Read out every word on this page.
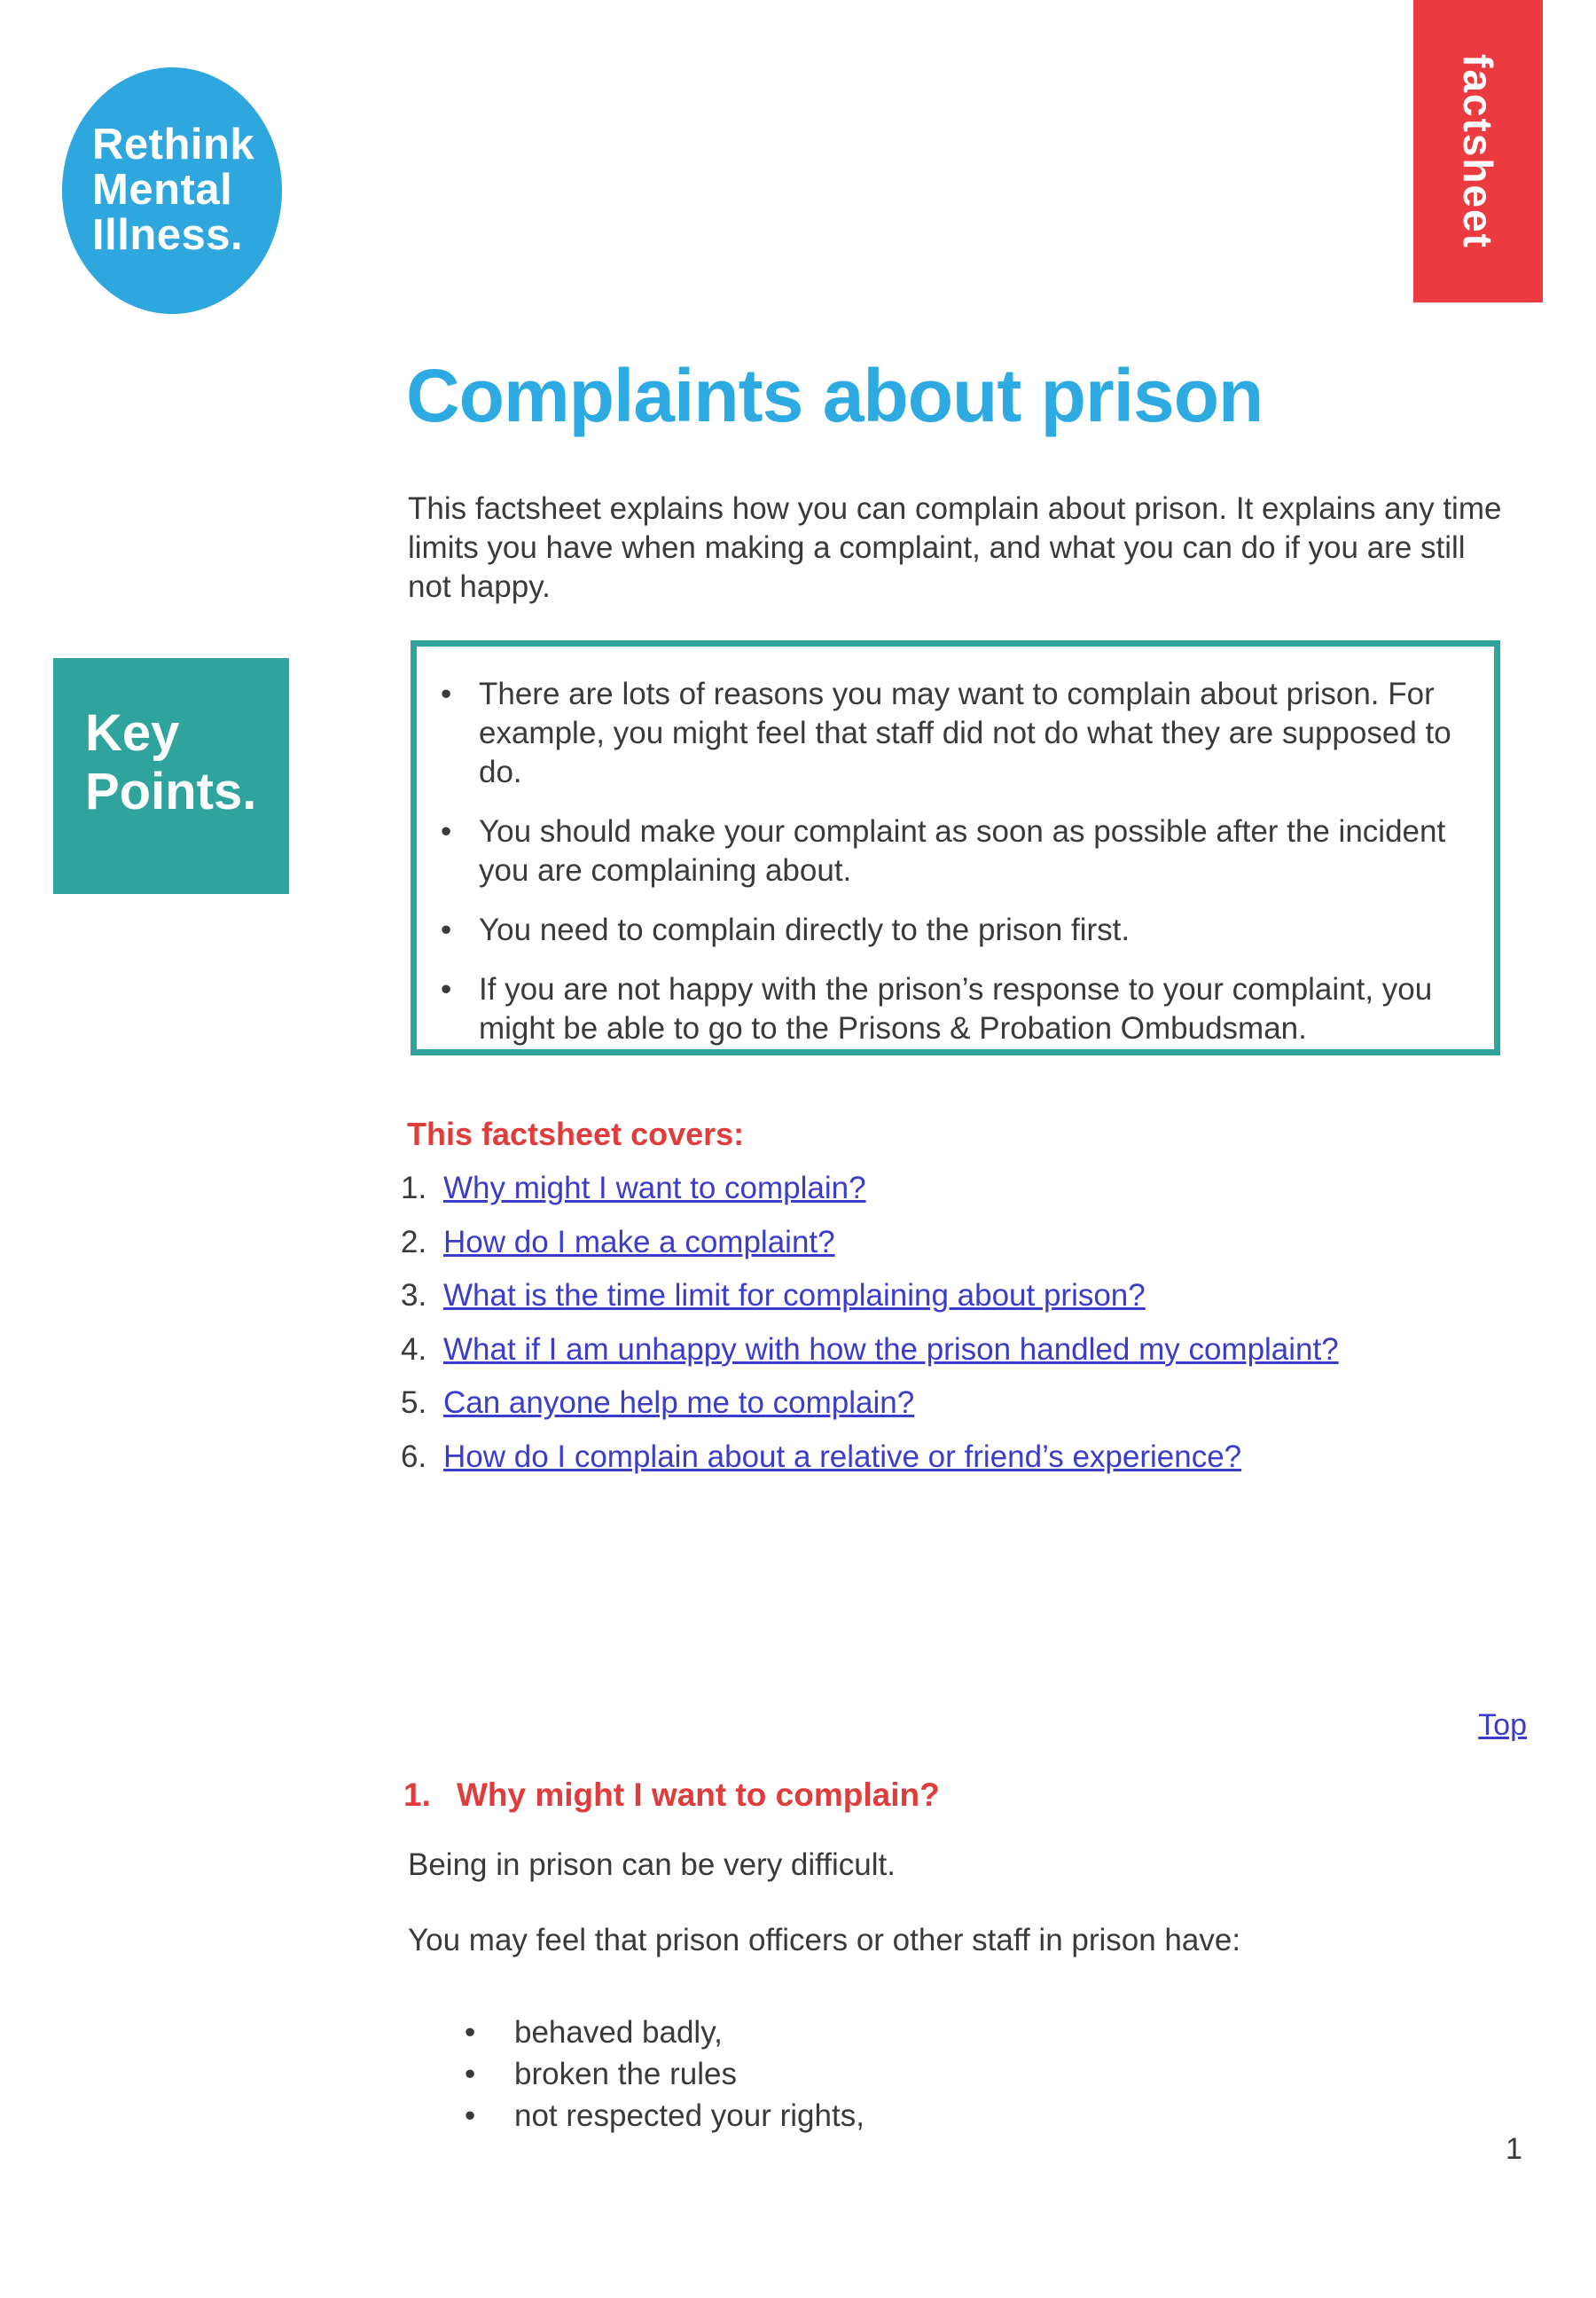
Rethink
Mental
Illness.	factsheet
Complaints about prison
This factsheet explains how you can complain about prison. It explains any time limits you have when making a complaint, and what you can do if you are still not happy.
Key
Points.
• There are lots of reasons you may want to complain about prison. For example, you might feel that staff did not do what they are supposed to do.
• You should make your complaint as soon as possible after the incident you are complaining about.
• You need to complain directly to the prison first.
• If you are not happy with the prison’s response to your complaint, you might be able to go to the Prisons & Probation Ombudsman.
This factsheet covers:
1. Why might I want to complain?
2. How do I make a complaint?
3. What is the time limit for complaining about prison?
4. What if I am unhappy with how the prison handled my complaint?
5. Can anyone help me to complain?
6. How do I complain about a relative or friend’s experience?
Top
1. Why might I want to complain?
Being in prison can be very difficult.
You may feel that prison officers or other staff in prison have:
•	behaved badly,
•	broken the rules
•	not respected your rights,
1
